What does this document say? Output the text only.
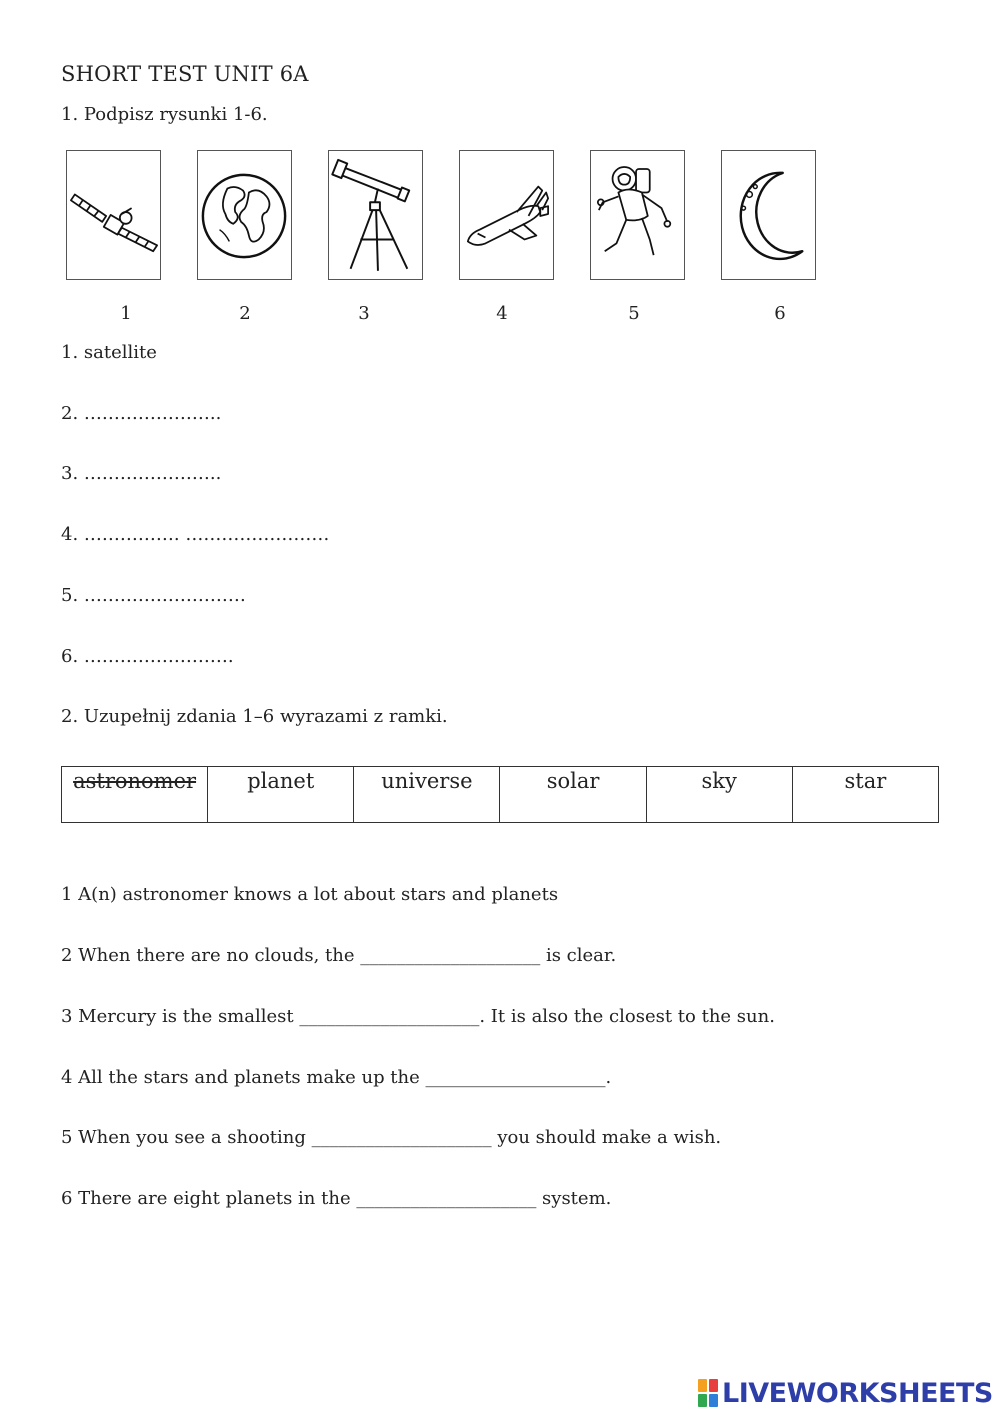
SHORT TEST UNIT 6A
1. Podpisz rysunki 1-6.
1	2	3	4	5	6
1. satellite
2. …………………..
3. …………………..
4. ……………. ……………………
5. ………………………
6. …………………….
2. Uzupełnij zdania 1–6 wyrazami z ramki.
astronomer	planet	universe	solar	sky	star
1 A(n) astronomer knows a lot about stars and planets
2 When there are no clouds, the ____________________ is clear.
3 Mercury is the smallest ____________________. It is also the closest to the sun.
4 All the stars and planets make up the ____________________.
5 When you see a shooting ____________________ you should make a wish.
6 There are eight planets in the ____________________ system.
LIVEWORKSHEETS
